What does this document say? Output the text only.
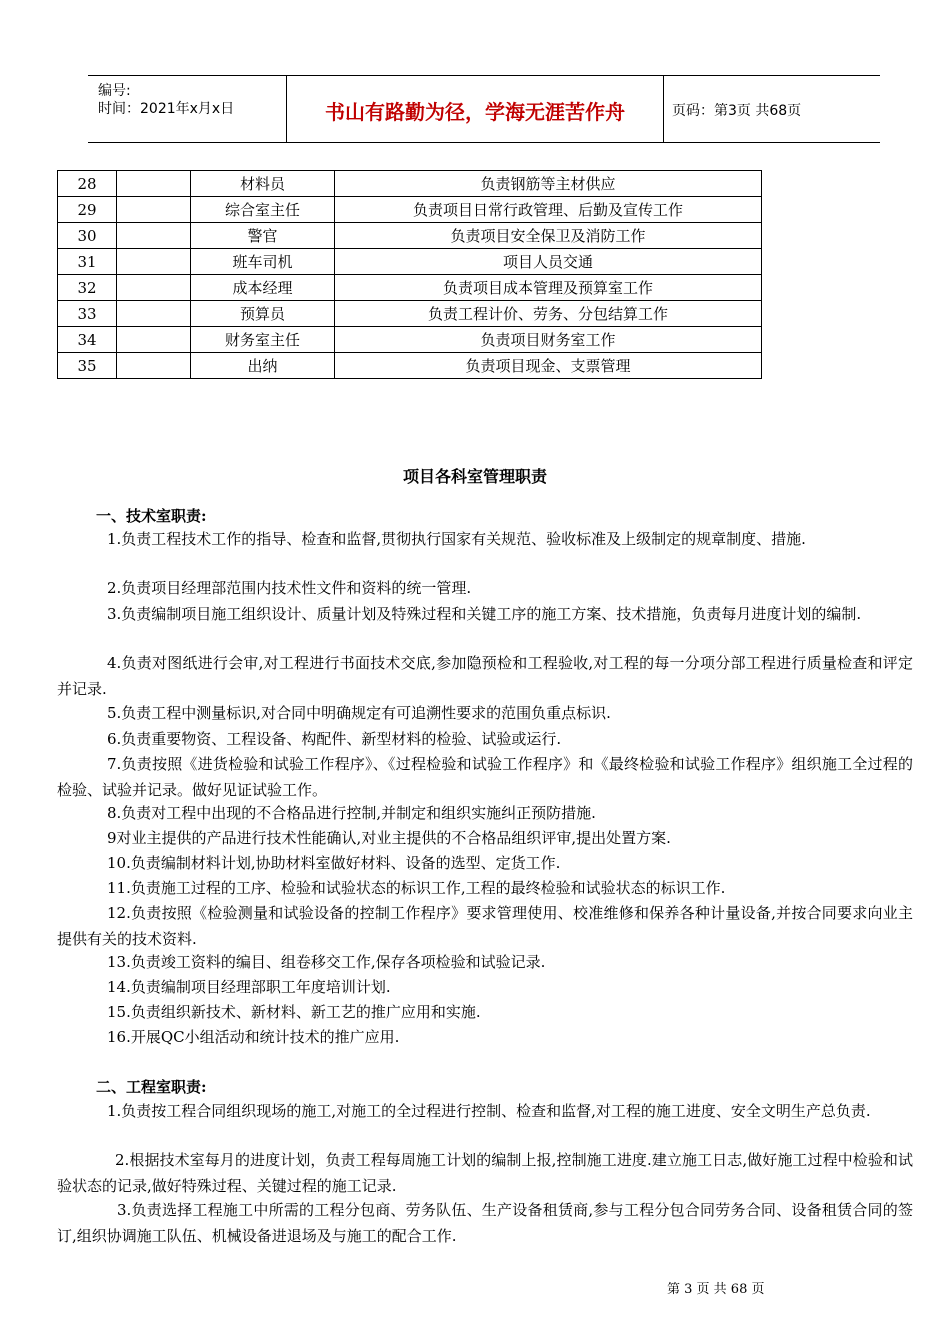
编号:
时间：2021年x月x日	书山有路勤为径，学海无涯苦作舟	页码：第3页 共68页
28		材料员	负责钢筋等主材供应
29		综合室主任	负责项目日常行政管理、后勤及宣传工作
30		警官	负责项目安全保卫及消防工作
31		班车司机	项目人员交通
32		成本经理	负责项目成本管理及预算室工作
33		预算员	负责工程计价、劳务、分包结算工作
34		财务室主任	负责项目财务室工作
35		出纳	负责项目现金、支票管理
项目各科室管理职责
一、技术室职责:
1.负责工程技术工作的指导、检查和监督,贯彻执行国家有关规范、验收标准及上级制定的规章制度、措施.
2.负责项目经理部范围内技术性文件和资料的统一管理.
3.负责编制项目施工组织设计、质量计划及特殊过程和关键工序的施工方案、技术措施，负责每月进度计划的编制.
4.负责对图纸进行会审,对工程进行书面技术交底,参加隐预检和工程验收,对工程的每一分项分部工程进行质量检查和评定并记录.
5.负责工程中测量标识,对合同中明确规定有可追溯性要求的范围负重点标识.
6.负责重要物资、工程设备、构配件、新型材料的检验、试验或运行.
7.负责按照《进货检验和试验工作程序》、《过程检验和试验工作程序》和《最终检验和试验工作程序》组织施工全过程的检验、试验并记录。做好见证试验工作。
8.负责对工程中出现的不合格品进行控制,并制定和组织实施纠正预防措施.
9对业主提供的产品进行技术性能确认,对业主提供的不合格品组织评审,提出处置方案.
10.负责编制材料计划,协助材料室做好材料、设备的选型、定货工作.
11.负责施工过程的工序、检验和试验状态的标识工作,工程的最终检验和试验状态的标识工作.
12.负责按照《检验测量和试验设备的控制工作程序》要求管理使用、校准维修和保养各种计量设备,并按合同要求向业主提供有关的技术资料.
13.负责竣工资料的编目、组卷移交工作,保存各项检验和试验记录.
14.负责编制项目经理部职工年度培训计划.
15.负责组织新技术、新材料、新工艺的推广应用和实施.
16.开展QC小组活动和统计技术的推广应用.
二、工程室职责:
1.负责按工程合同组织现场的施工,对施工的全过程进行控制、检查和监督,对工程的施工进度、安全文明生产总负责.
2.根据技术室每月的进度计划，负责工程每周施工计划的编制上报,控制施工进度.建立施工日志,做好施工过程中检验和试验状态的记录,做好特殊过程、关键过程的施工记录.
3.负责选择工程施工中所需的工程分包商、劳务队伍、生产设备租赁商,参与工程分包合同劳务合同、设备租赁合同的签订,组织协调施工队伍、机械设备进退场及与施工的配合工作.
第 3 页 共 68 页
